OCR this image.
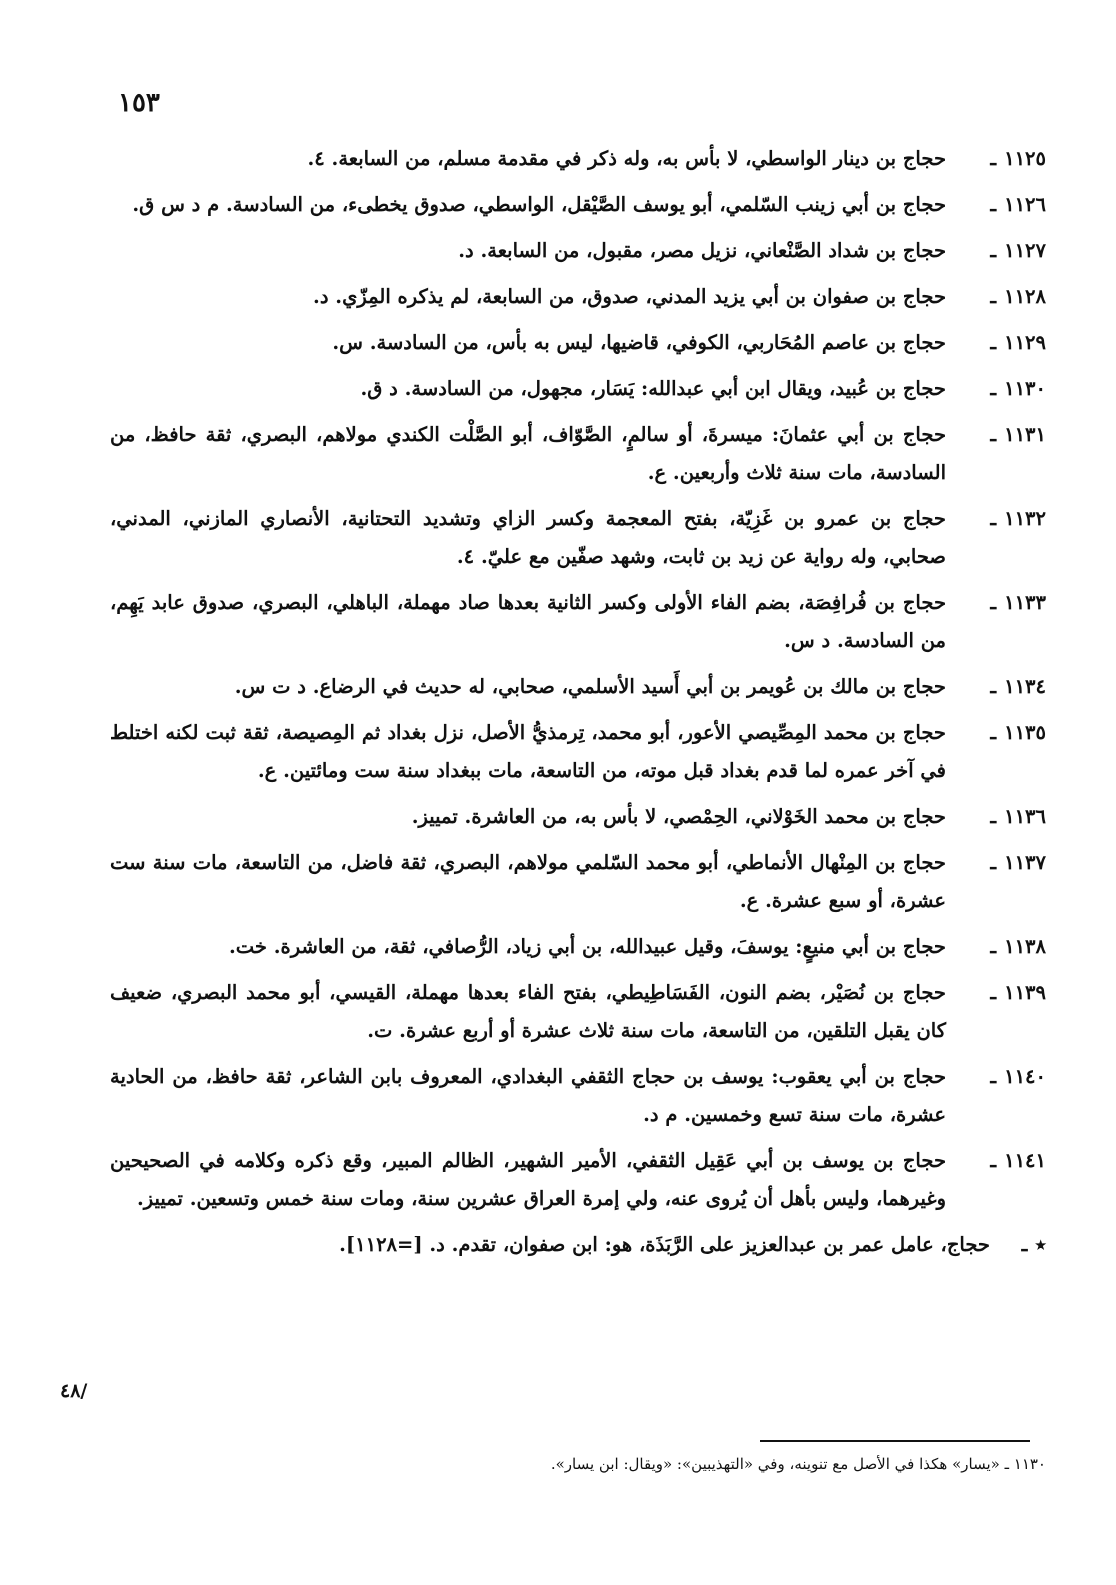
١٥٣
١١٢٥ـ
حجاج بن دينار الواسطي، لا بأس به، وله ذكر في مقدمة مسلم، من السابعة. ٤.
١١٢٦ـ
حجاج بن أبي زينب السّلمي، أبو يوسف الصَّيْقل، الواسطي، صدوق يخطىء، من السادسة. م د س ق.
١١٢٧ـ
حجاج بن شداد الصَّنْعاني، نزيل مصر، مقبول، من السابعة. د.
١١٢٨ـ
حجاج بن صفوان بن أبي يزيد المدني، صدوق، من السابعة، لم يذكره المِزّي. د.
١١٢٩ـ
حجاج بن عاصم المُحَاربي، الكوفي، قاضيها، ليس به بأس، من السادسة. س.
١١٣٠ـ
حجاج بن عُبيد، ويقال ابن أبي عبدالله: يَسَار، مجهول، من السادسة. د ق.
١١٣١ـ
حجاج بن أبي عثمانَ: ميسرةَ، أو سالمٍ، الصَّوّاف، أبو الصَّلْت الكندي مولاهم، البصري، ثقة حافظ، من السادسة، مات سنة ثلاث وأربعين. ع.
١١٣٢ـ
حجاج بن عمرو بن غَزِيّة، بفتح المعجمة وكسر الزاي وتشديد التحتانية، الأنصاري المازني، المدني، صحابي، وله رواية عن زيد بن ثابت، وشهد صفّين مع عليّ. ٤.
١١٣٣ـ
حجاج بن فُرافِصَة، بضم الفاء الأولى وكسر الثانية بعدها صاد مهملة، الباهلي، البصري، صدوق عابد يَهِم، من السادسة. د س.
١١٣٤ـ
حجاج بن مالك بن عُويمر بن أبي أَسيد الأسلمي، صحابي، له حديث في الرضاع. د ت س.
١١٣٥ـ
حجاج بن محمد المِصِّيصي الأعور، أبو محمد، تِرمذيُّ الأصل، نزل بغداد ثم المِصيصة، ثقة ثبت لكنه اختلط في آخر عمره لما قدم بغداد قبل موته، من التاسعة، مات ببغداد سنة ست ومائتين. ع.
١١٣٦ـ
حجاج بن محمد الخَوْلاني، الحِمْصي، لا بأس به، من العاشرة. تمييز.
١١٣٧ـ
حجاج بن المِنْهال الأنماطي، أبو محمد السّلمي مولاهم، البصري، ثقة فاضل، من التاسعة، مات سنة ست عشرة، أو سبع عشرة. ع.
١١٣٨ـ
حجاج بن أبي منيعٍ: يوسفَ، وقيل عبيدالله، بن أبي زياد، الرُّصافي، ثقة، من العاشرة. خت.
١١٣٩ـ
حجاج بن نُصَيْر، بضم النون، الفَسَاطِيطي، بفتح الفاء بعدها مهملة، القيسي، أبو محمد البصري، ضعيف كان يقبل التلقين، من التاسعة، مات سنة ثلاث عشرة أو أربع عشرة. ت.
١١٤٠ـ
حجاج بن أبي يعقوب: يوسف بن حجاج الثقفي البغدادي، المعروف بابن الشاعر، ثقة حافظ، من الحادية عشرة، مات سنة تسع وخمسين. م د.
١١٤١ـ
حجاج بن يوسف بن أبي عَقِيل الثقفي، الأمير الشهير، الظالم المبير، وقع ذكره وكلامه في الصحيحين وغيرهما، وليس بأهل أن يُروى عنه، ولي إمرة العراق عشرين سنة، ومات سنة خمس وتسعين. تمييز.
٭ـ
حجاج، عامل عمر بن عبدالعزيز على الرَّبَذَة، هو: ابن صفوان، تقدم. د. [=١١٢٨].
/٤٨
١١٣٠ ـ «يسار» هكذا في الأصل مع تنوينه، وفي «التهذيبين»: «ويقال: ابن يسار».
